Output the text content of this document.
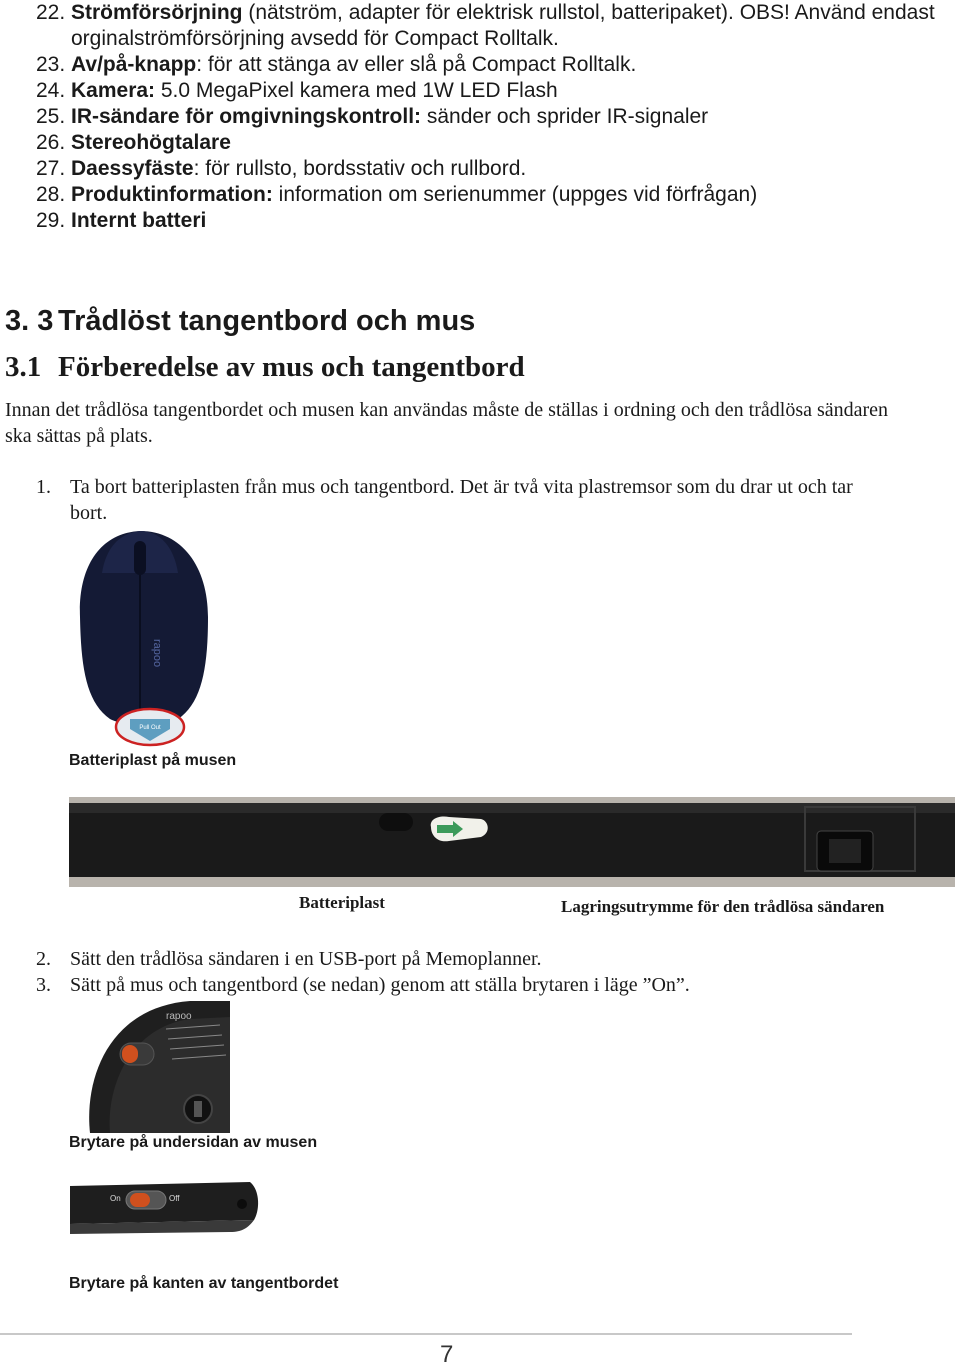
22. Strömförsörjning (nätström, adapter för elektrisk rullstol, batteripaket). OBS! Använd endast orginalströmförsörjning avsedd för Compact Rolltalk.
23. Av/på-knapp: för att stänga av eller slå på Compact Rolltalk.
24. Kamera: 5.0 MegaPixel kamera med 1W LED Flash
25. IR-sändare för omgivningskontroll: sänder och sprider IR-signaler
26. Stereohögtalare
27. Daessyfäste: för rullsto, bordsstativ och rullbord.
28. Produktinformation: information om serienummer (uppges vid förfrågan)
29. Internt batteri
3. 3 Trådlöst tangentbord och mus
3.1 Förberedelse av mus och tangentbord

Innan det trådlösa tangentbordet och musen kan användas måste de ställas i ordning och den trådlösa sändaren ska sättas på plats.

1. Ta bort batteriplasten från mus och tangentbord. Det är två vita plastremsor som du drar ut och tar bort.
rapoo
Pull Out

Batteriplast på musen

Batteriplast	Lagringsutrymme för den trådlösa sändaren

2. Sätt den trådlösa sändaren i en USB-port på Memoplanner.
3. Sätt på mus och tangentbord (se nedan) genom att ställa brytaren i läge ”On”.
rapoo

Brytare på undersidan av musen

On	Off

Brytare på kanten av tangentbordet

7
